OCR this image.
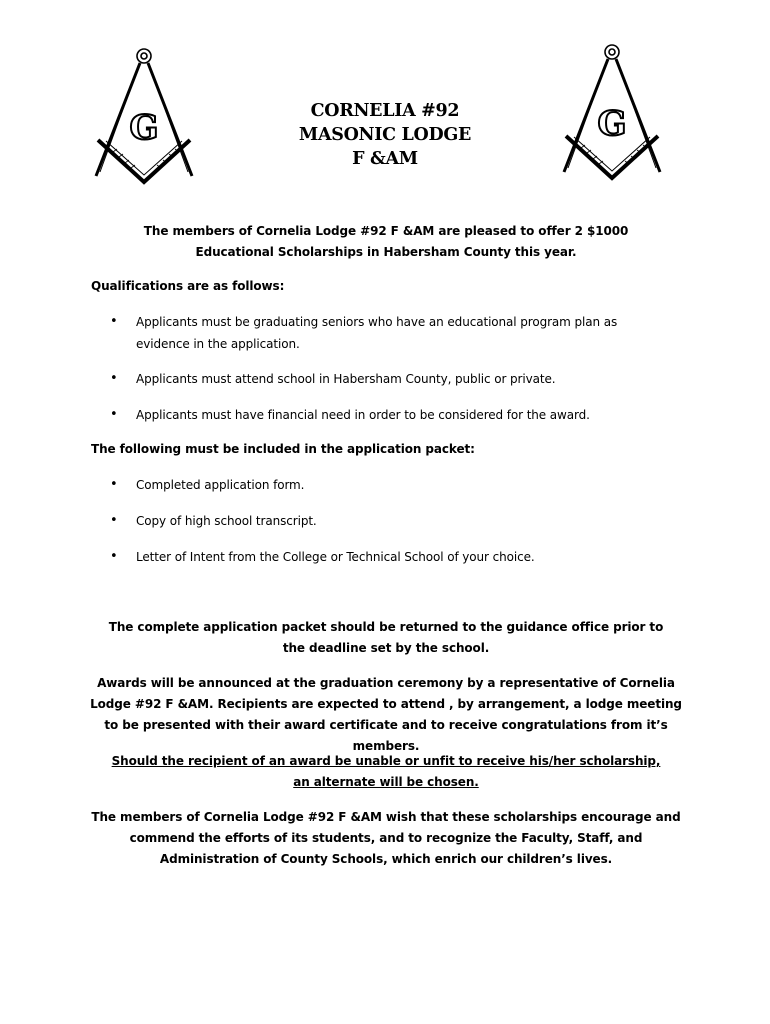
G	CORNELIA #92
MASONIC LODGE
F &AM
G
The members of Cornelia Lodge #92 F &AM are pleased to offer 2 $1000 Educational Scholarships in Habersham County this year.
Qualifications are as follows:
• Applicants must be graduating seniors who have an educational program plan as evidence in the application.
• Applicants must attend school in Habersham County, public or private.
• Applicants must have financial need in order to be considered for the award.
The following must be included in the application packet:
• Completed application form.
• Copy of high school transcript.
• Letter of Intent from the College or Technical School of your choice.
The complete application packet should be returned to the guidance office prior to the deadline set by the school.
Awards will be announced at the graduation ceremony by a representative of Cornelia Lodge #92 F &AM. Recipients are expected to attend , by arrangement, a lodge meeting to be presented with their award certificate and to receive congratulations from it’s members.
Should the recipient of an award be unable or unfit to receive his/her scholarship, an alternate will be chosen.
The members of Cornelia Lodge #92 F &AM wish that these scholarships encourage and commend the efforts of its students, and to recognize the Faculty, Staff, and Administration of County Schools, which enrich our children’s lives.
